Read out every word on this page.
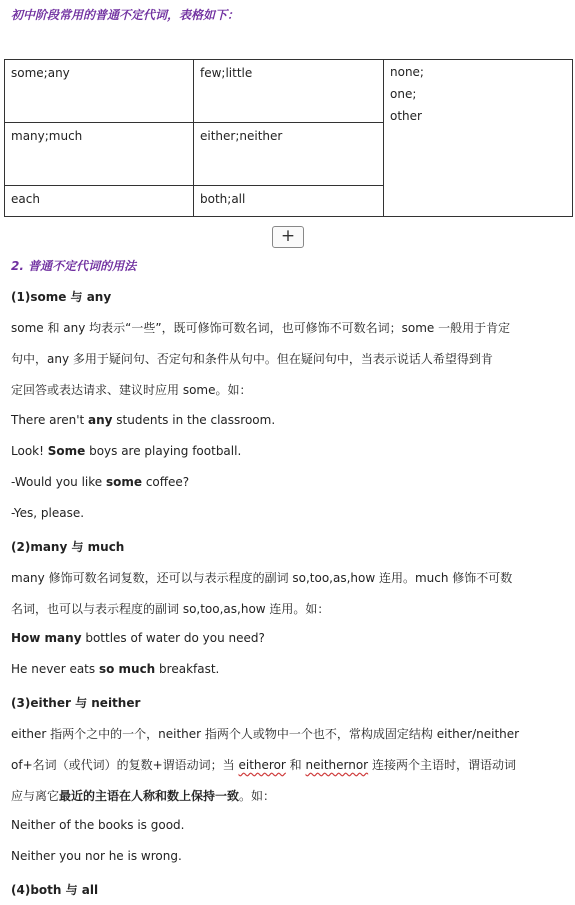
初中阶段常用的普通不定代词，表格如下：
some;any	few;little	none;
one;
other

many;much	either;neither	
each	both;all	
+
2. 普通不定代词的用法
(1)some 与 any
some 和 any 均表示“一些”，既可修饰可数名词，也可修饰不可数名词；some 一般用于肯定
句中，any 多用于疑问句、否定句和条件从句中。但在疑问句中，当表示说话人希望得到肯
定回答或表达请求、建议时应用 some。如：
There aren't any students in the classroom.
Look! Some boys are playing football.
-Would you like some coffee?
-Yes, please.
(2)many 与 much
many 修饰可数名词复数，还可以与表示程度的副词 so,too,as,how 连用。much 修饰不可数
名词，也可以与表示程度的副词 so,too,as,how 连用。如：
How many bottles of water do you need?
He never eats so much breakfast.
(3)either 与 neither
either 指两个之中的一个，neither 指两个人或物中一个也不，常构成固定结构 either/neither
of+名词（或代词）的复数+谓语动词；当 eitheror 和 neithernor 连接两个主语时，谓语动词
应与离它最近的主语在人称和数上保持一致。如：
Neither of the books is good.
Neither you nor he is wrong.
(4)both 与 all
